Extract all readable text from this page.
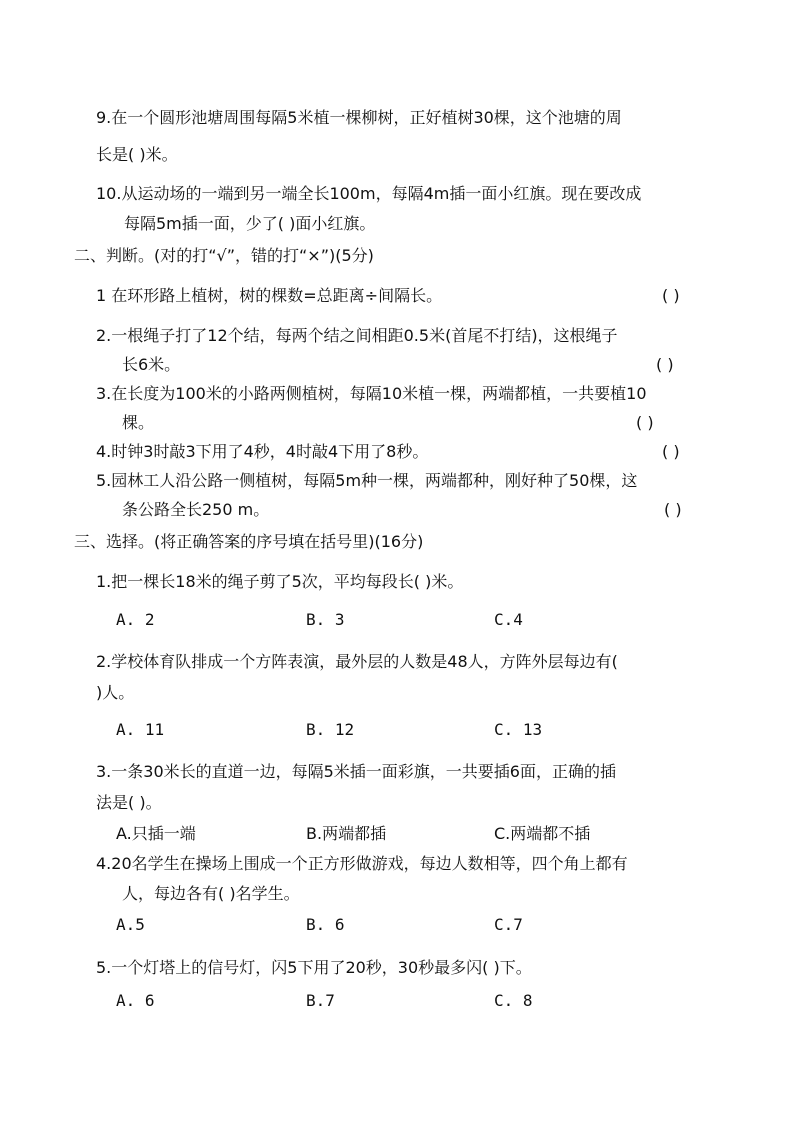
9.在一个圆形池塘周围每隔5米植一棵柳树，正好植树30棵，这个池塘的周
长是( )米。
10.从运动场的一端到另一端全长100m，每隔4m插一面小红旗。现在要改成
每隔5m插一面，少了( )面小红旗。
二、判断。(对的打“√”，错的打“×”)(5分)
1 在环形路上植树，树的棵数=总距离÷间隔长。	( )
2.一根绳子打了12个结，每两个结之间相距0.5米(首尾不打结)，这根绳子
长6米。	( )
3.在长度为100米的小路两侧植树，每隔10米植一棵，两端都植，一共要植10
棵。	( )
4.时钟3时敲3下用了4秒，4时敲4下用了8秒。	( )
5.园林工人沿公路一侧植树，每隔5m种一棵，两端都种，刚好种了50棵，这
条公路全长250 m。	( )
三、选择。(将正确答案的序号填在括号里)(16分)
1.把一棵长18米的绳子剪了5次，平均每段长( )米。
A. 2	B. 3	C.4
2.学校体育队排成一个方阵表演，最外层的人数是48人，方阵外层每边有(
)人。
A. 11	B. 12	C. 13
3.一条30米长的直道一边，每隔5米插一面彩旗，一共要插6面，正确的插
法是( )。
A.只插一端	B.两端都插	C.两端都不插
4.20名学生在操场上围成一个正方形做游戏，每边人数相等，四个角上都有
人，每边各有( )名学生。
A.5	B. 6	C.7
5.一个灯塔上的信号灯，闪5下用了20秒，30秒最多闪( )下。
A. 6	B.7	C. 8
